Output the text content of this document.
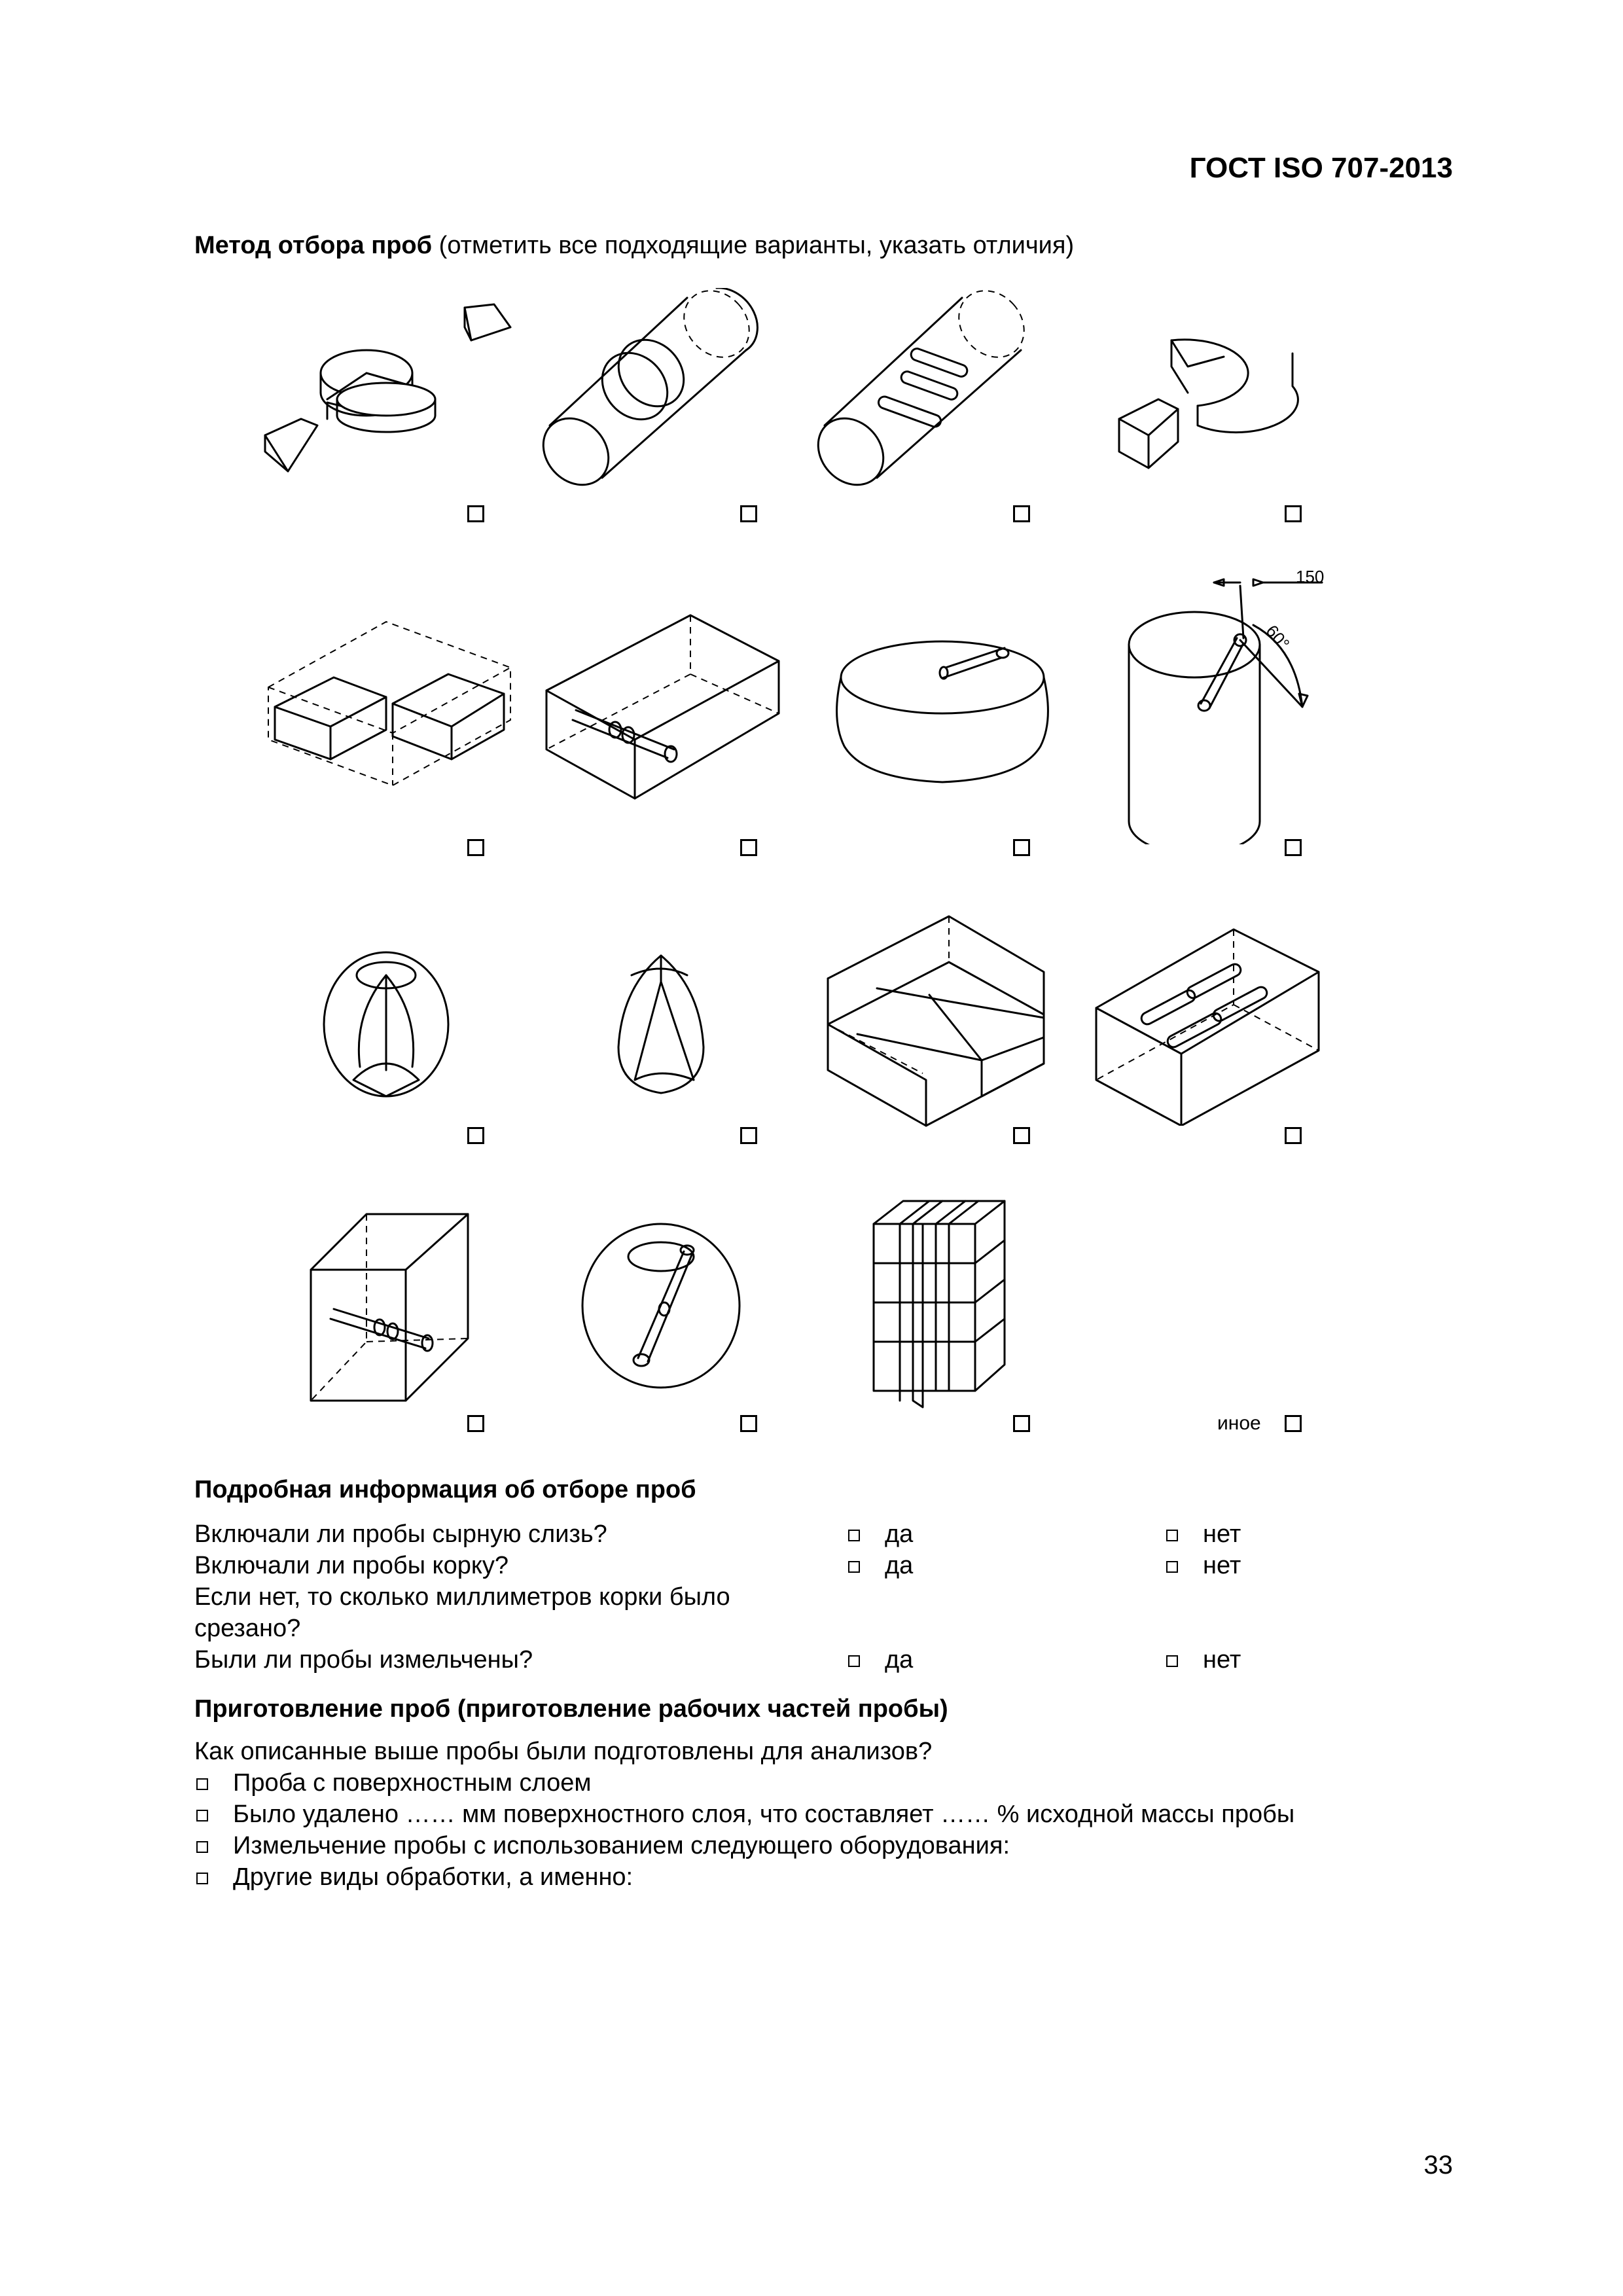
ГОСТ ISO 707-2013
Метод отбора проб (отметить все подходящие варианты, указать отличия)
150
60°
иное
Подробная информация об отборе проб
Включали ли пробы сырную слизь?	да	нет
Включали ли пробы корку?	да	нет
Если нет, то сколько миллиметров корки было
срезано?
Были ли пробы измельчены?	да	нет
Приготовление проб (приготовление рабочих частей пробы)
Как описанные выше пробы были подготовлены для анализов?
Проба с поверхностным слоем
Было удалено …… мм поверхностного слоя, что составляет …… % исходной массы пробы
Измельчение пробы с использованием следующего оборудования:
Другие виды обработки, а именно:
33
